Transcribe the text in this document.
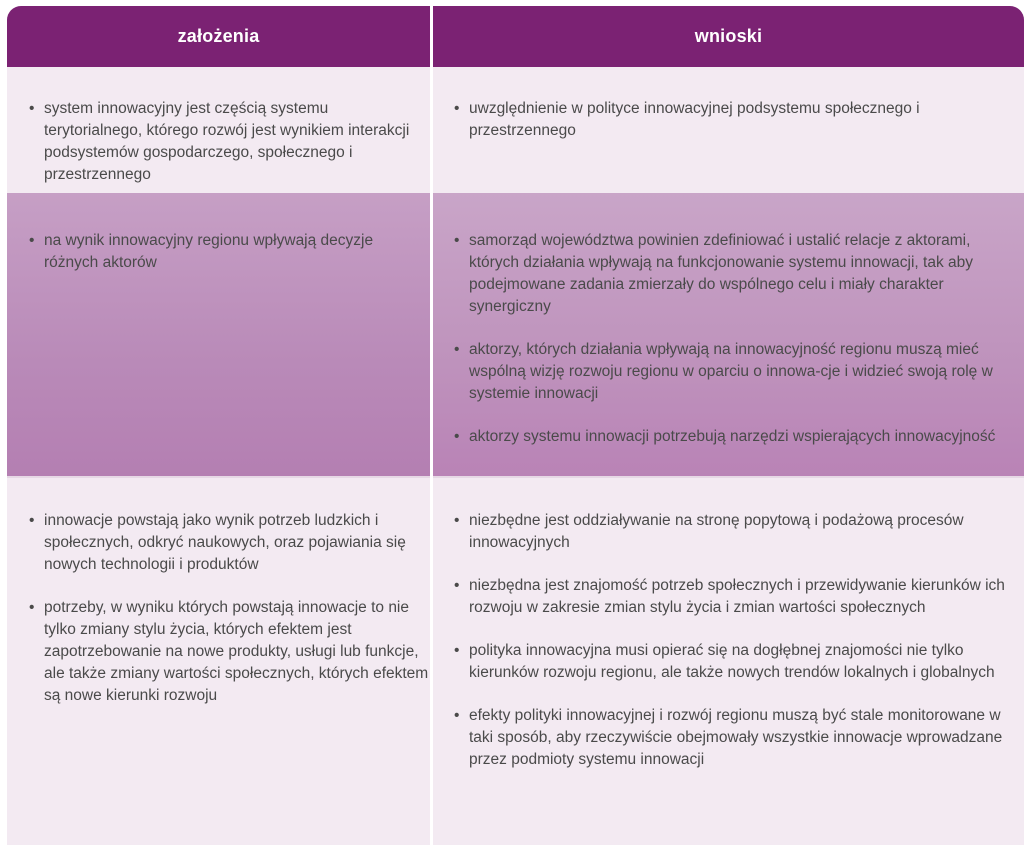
założenia	wnioski
• system innowacyjny jest częścią systemu terytorialnego, którego rozwój jest wynikiem interakcji podsystemów gospodarczego, społecznego i przestrzennego
• uwzględnienie w polityce innowacyjnej podsystemu społecznego i przestrzennego
• na wynik innowacyjny regionu wpływają decyzje różnych aktorów
• samorząd województwa powinien zdefiniować i ustalić relacje z aktorami, których działania wpływają na funkcjonowanie systemu innowacji, tak aby podejmowane zadania zmierzały do wspólnego celu i miały charakter synergiczny
• aktorzy, których działania wpływają na innowacyjność regionu muszą mieć wspólną wizję rozwoju regionu w oparciu o innowa-cje i widzieć swoją rolę w systemie innowacji
• aktorzy systemu innowacji potrzebują narzędzi wspierających innowacyjność
• innowacje powstają jako wynik potrzeb ludzkich i społecznych, odkryć naukowych, oraz pojawiania się nowych technologii i produktów
• potrzeby, w wyniku których powstają innowacje to nie tylko zmiany stylu życia, których efektem jest zapotrzebowanie na nowe produkty, usługi lub funkcje, ale także zmiany wartości społecznych, których efektem są nowe kierunki rozwoju
• niezbędne jest oddziaływanie na stronę popytową i podażową procesów innowacyjnych
• niezbędna jest znajomość potrzeb społecznych i przewidywanie kierunków ich rozwoju w zakresie zmian stylu życia i zmian wartości społecznych
• polityka innowacyjna musi opierać się na dogłębnej znajomości nie tylko kierunków rozwoju regionu, ale także nowych trendów lokalnych i globalnych
• efekty polityki innowacyjnej i rozwój regionu muszą być stale monitorowane w taki sposób, aby rzeczywiście obejmowały wszystkie innowacje wprowadzane przez podmioty systemu innowacji
